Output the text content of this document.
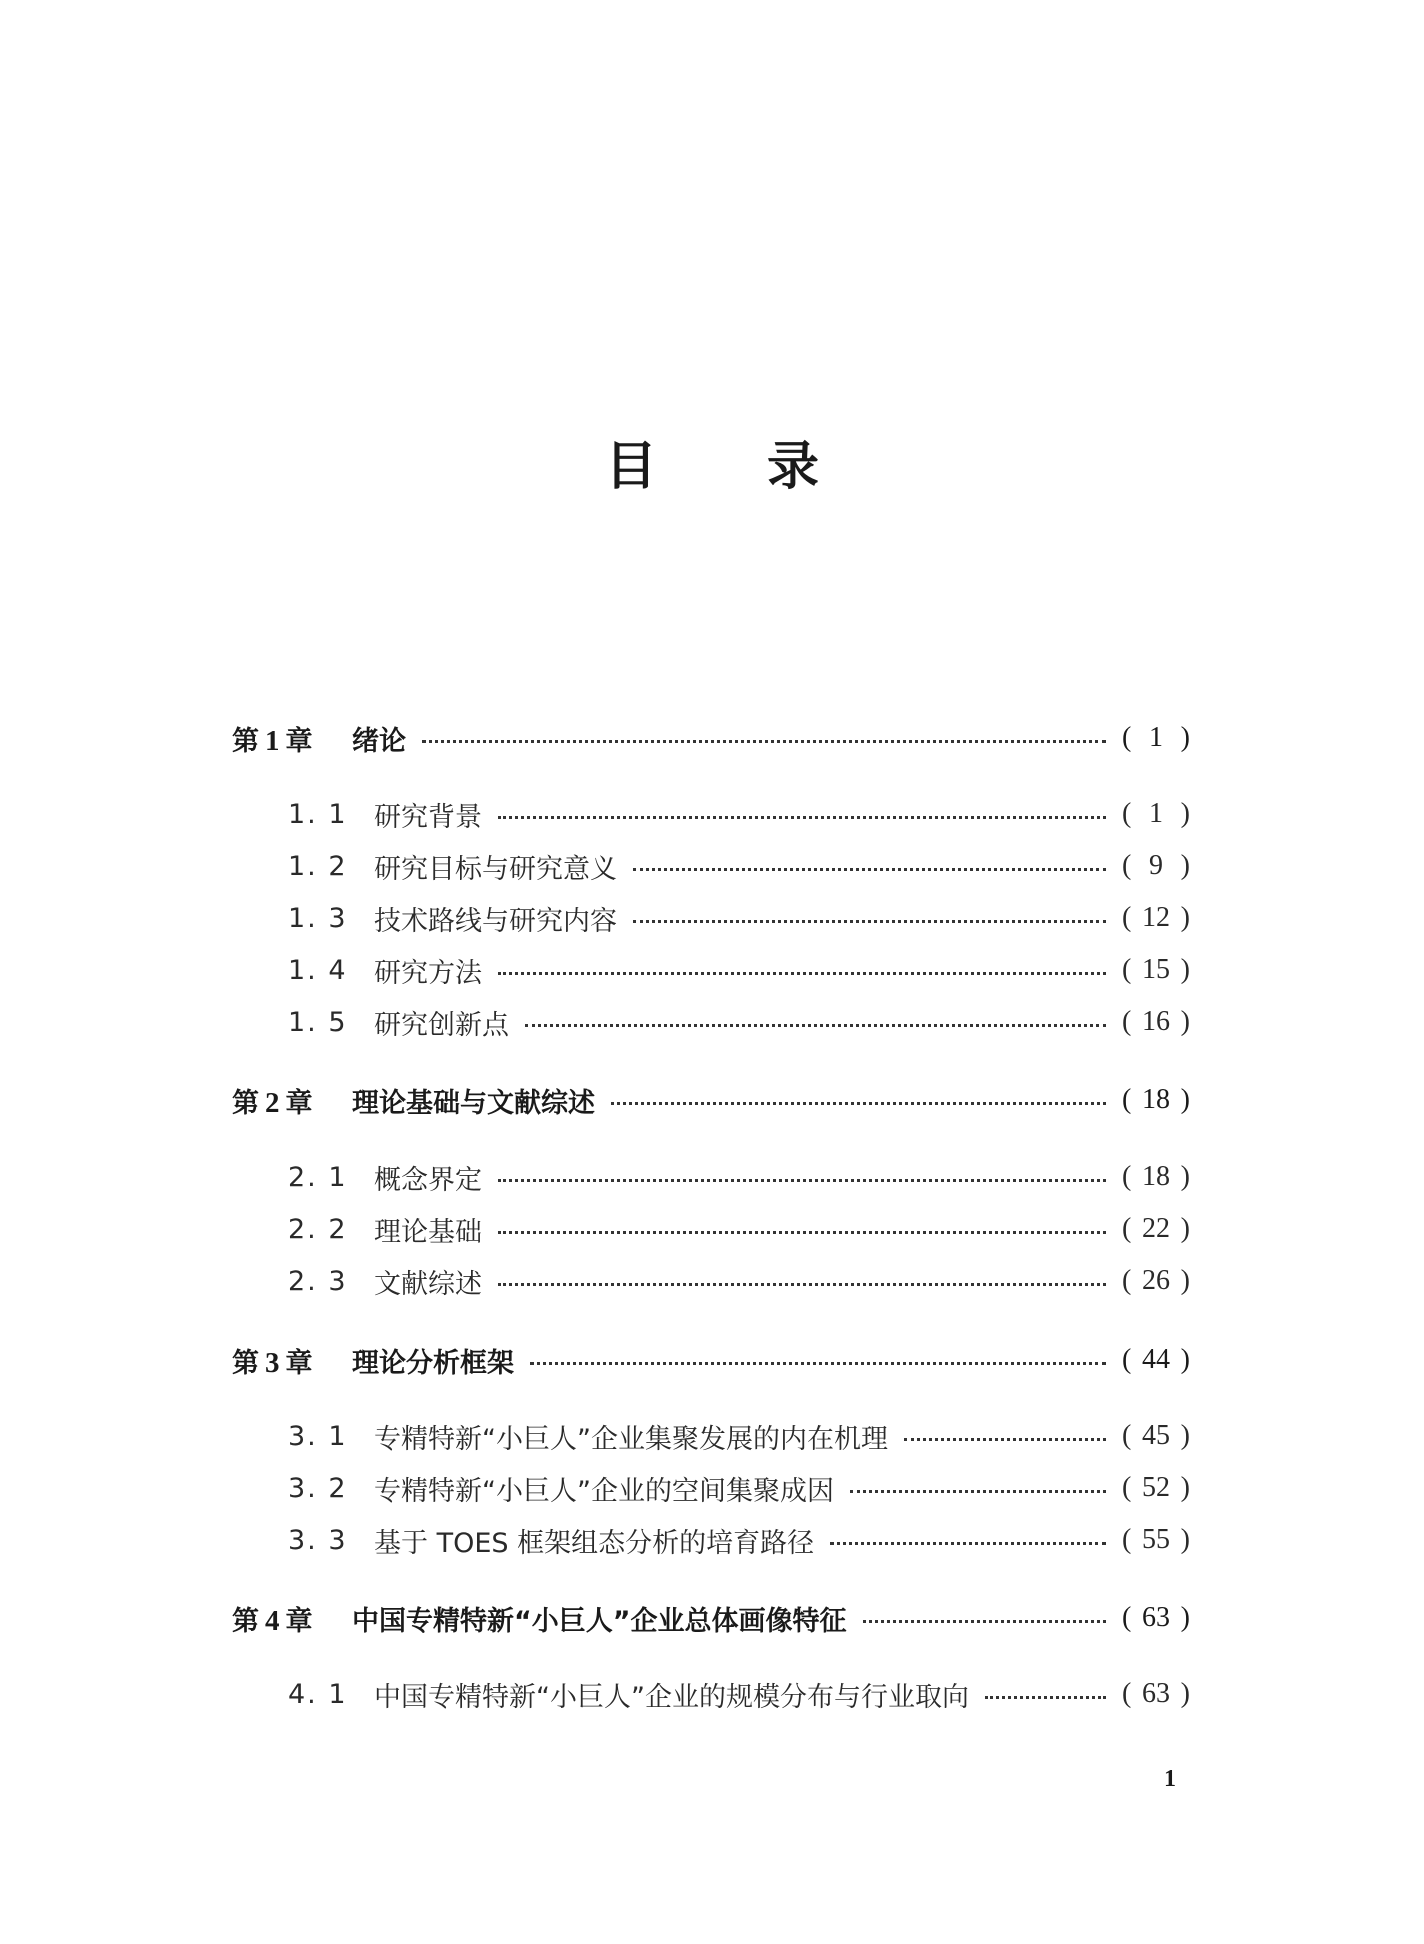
目录
第 1 章	绪论	( 1 )
1. 1 研究背景	( 1 )
1. 2 研究目标与研究意义	( 9 )
1. 3 技术路线与研究内容	( 12 )
1. 4 研究方法	( 15 )
1. 5 研究创新点	( 16 )
第 2 章	理论基础与文献综述	( 18 )
2. 1 概念界定	( 18 )
2. 2 理论基础	( 22 )
2. 3 文献综述	( 26 )
第 3 章	理论分析框架	( 44 )
3. 1 专精特新“小巨人”企业集聚发展的内在机理	( 45 )
3. 2 专精特新“小巨人”企业的空间集聚成因	( 52 )
3. 3 基于 TOES 框架组态分析的培育路径	( 55 )
第 4 章	中国专精特新“小巨人”企业总体画像特征	( 63 )
4. 1 中国专精特新“小巨人”企业的规模分布与行业取向	( 63 )
1
